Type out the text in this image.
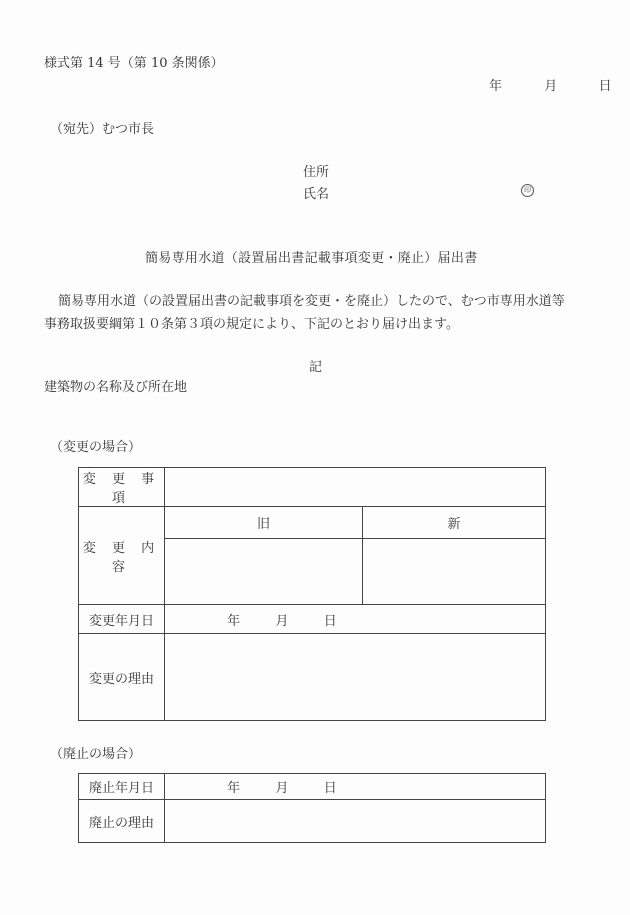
様式第 14 号（第 10 条関係）
年	月	日
（宛先）むつ市長
住所
氏名	印
簡易専用水道（設置届出書記載事項変更・廃止）届出書
簡易専用水道（の設置届出書の記載事項を変更・を廃止）したので、むつ市専用水道等
事務取扱要綱第１０条第３項の規定により、下記のとおり届け出ます。
記
建築物の名称及び所在地
（変更の場合）
変 更 事 項		
変 更 内 容	旧	新

変更年月日	年 月 日	
変更の理由		
（廃止の場合）
廃止年月日	年 月 日
廃止の理由	
